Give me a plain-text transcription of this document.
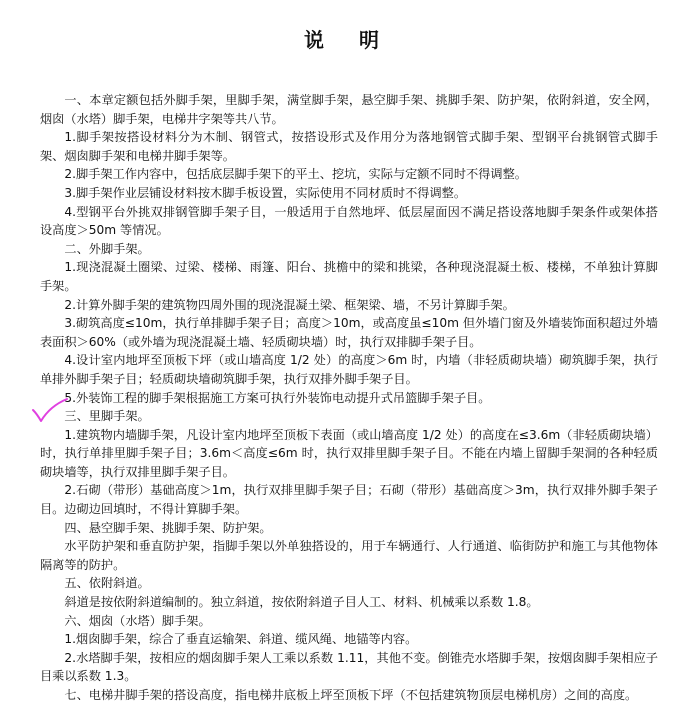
说 明

一、本章定额包括外脚手架，里脚手架，满堂脚手架，悬空脚手架、挑脚手架、防护架，依附斜道，安全网，烟囱（水塔）脚手架，电梯井字架等共八节。

1.脚手架按搭设材料分为木制、钢管式，按搭设形式及作用分为落地钢管式脚手架、型钢平台挑钢管式脚手架、烟囱脚手架和电梯井脚手架等。

2.脚手架工作内容中，包括底层脚手架下的平土、挖坑，实际与定额不同时不得调整。

3.脚手架作业层铺设材料按木脚手板设置，实际使用不同材质时不得调整。

4.型钢平台外挑双排钢管脚手架子目，一般适用于自然地坪、低层屋面因不满足搭设落地脚手架条件或架体搭设高度＞50m 等情况。

二、外脚手架。

1.现浇混凝土圈梁、过梁、楼梯、雨篷、阳台、挑檐中的梁和挑梁，各种现浇混凝土板、楼梯，不单独计算脚手架。

2.计算外脚手架的建筑物四周外围的现浇混凝土梁、框架梁、墙，不另计算脚手架。

3.砌筑高度≤10m，执行单排脚手架子目；高度＞10m，或高度虽≤10m 但外墙门窗及外墙装饰面积超过外墙表面积＞60%（或外墙为现浇混凝土墙、轻质砌块墙）时，执行双排脚手架子目。

4.设计室内地坪至顶板下坪（或山墙高度 1/2 处）的高度＞6m 时，内墙（非轻质砌块墙）砌筑脚手架，执行单排外脚手架子目；轻质砌块墙砌筑脚手架，执行双排外脚手架子目。

5.外装饰工程的脚手架根据施工方案可执行外装饰电动提升式吊篮脚手架子目。

三、里脚手架。

1.建筑物内墙脚手架，凡设计室内地坪至顶板下表面（或山墙高度 1/2 处）的高度在≤3.6m（非轻质砌块墙）时，执行单排里脚手架子目；3.6m＜高度≤6m 时，执行双排里脚手架子目。不能在内墙上留脚手架洞的各种轻质砌块墙等，执行双排里脚手架子目。

2.石砌（带形）基础高度＞1m，执行双排里脚手架子目；石砌（带形）基础高度＞3m，执行双排外脚手架子目。边砌边回填时，不得计算脚手架。

四、悬空脚手架、挑脚手架、防护架。

水平防护架和垂直防护架，指脚手架以外单独搭设的，用于车辆通行、人行通道、临街防护和施工与其他物体隔离等的防护。

五、依附斜道。

斜道是按依附斜道编制的。独立斜道，按依附斜道子目人工、材料、机械乘以系数 1.8。

六、烟囱（水塔）脚手架。

1.烟囱脚手架，综合了垂直运输架、斜道、缆风绳、地锚等内容。

2.水塔脚手架，按相应的烟囱脚手架人工乘以系数 1.11，其他不变。倒锥壳水塔脚手架，按烟囱脚手架相应子目乘以系数 1.3。

七、电梯井脚手架的搭设高度，指电梯井底板上坪至顶板下坪（不包括建筑物顶层电梯机房）之间的高度。
